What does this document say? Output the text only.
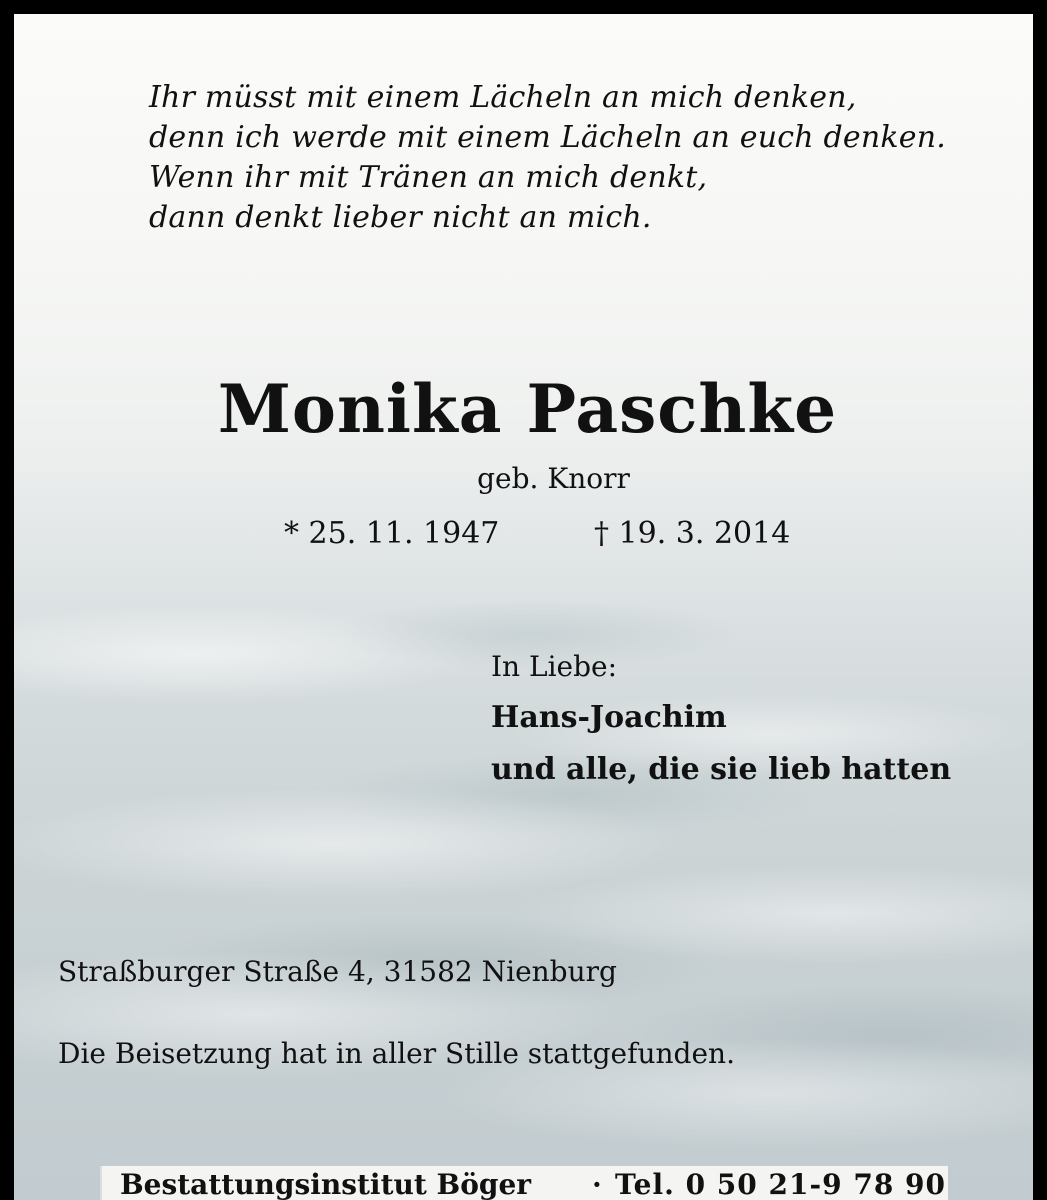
Ihr müsst mit einem Lächeln an mich denken,
denn ich werde mit einem Lächeln an euch denken.
Wenn ihr mit Tränen an mich denkt,
dann denkt lieber nicht an mich.
Monika Paschke
geb. Knorr
* 25. 11. 1947	† 19. 3. 2014
In Liebe:
Hans-Joachim
und alle, die sie lieb hatten
Straßburger Straße 4, 31582 Nienburg
Die Beisetzung hat in aller Stille stattgefunden.
Bestattungsinstitut Böger · Tel. 0 50 21-9 78 90
